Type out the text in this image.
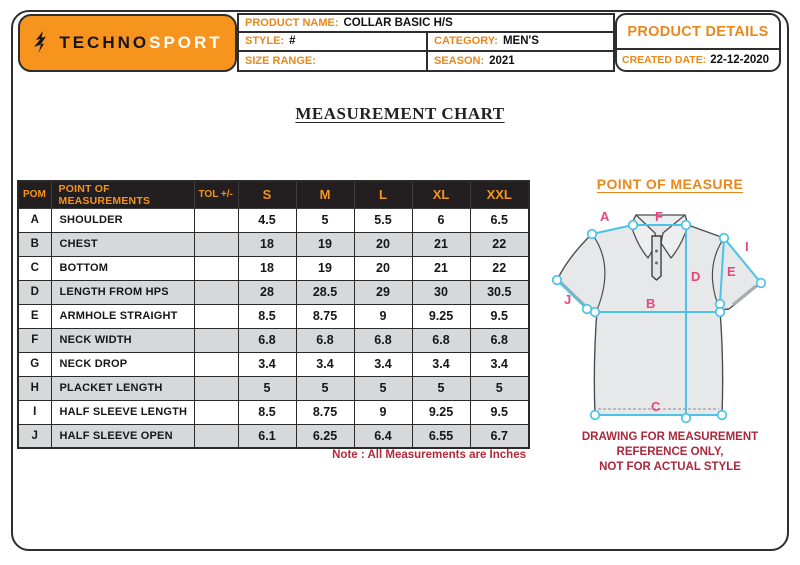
TECHNOSPORT
PRODUCT NAME: COLLAR BASIC H/S
STYLE: #	CATEGORY: MEN'S
SIZE RANGE:	SEASON: 2021
PRODUCT DETAILS
CREATED DATE: 22-12-2020
MEASUREMENT CHART
POM	POINT OF MEASUREMENTS	TOL +/-	S	M	L	XL	XXL
A	SHOULDER		4.5	5	5.5	6	6.5
B	CHEST		18	19	20	21	22
C	BOTTOM		18	19	20	21	22
D	LENGTH FROM HPS		28	28.5	29	30	30.5
E	ARMHOLE STRAIGHT		8.5	8.75	9	9.25	9.5
F	NECK WIDTH		6.8	6.8	6.8	6.8	6.8
G	NECK DROP		3.4	3.4	3.4	3.4	3.4
H	PLACKET LENGTH		5	5	5	5	5
I	HALF SLEEVE LENGTH		8.5	8.75	9	9.25	9.5
J	HALF SLEEVE OPEN		6.1	6.25	6.4	6.55	6.7
Note : All Measurements are Inches
POINT OF MEASURE
A	F
I
E
D
B
J
C
DRAWING FOR MEASUREMENT
REFERENCE ONLY,
NOT FOR ACTUAL STYLE
